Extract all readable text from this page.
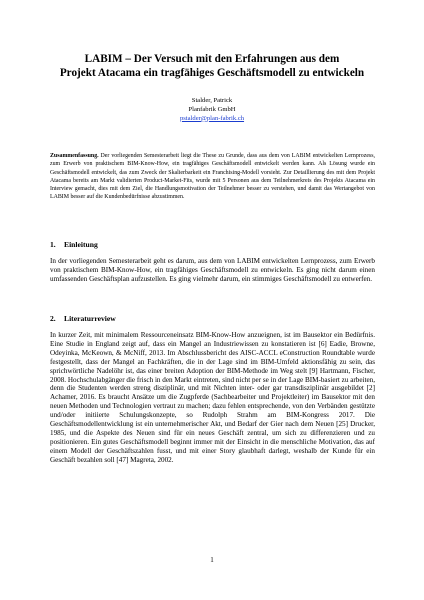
LABIM – Der Versuch mit den Erfahrungen aus dem
Projekt Atacama ein tragfähiges Geschäftsmodell zu entwickeln
Stalder, Patrick
Planfabrik GmbH
pstalder@plan-fabrik.ch
Zusammenfassung. Der vorliegenden Semesterarbeit liegt die These zu Grunde, dass aus dem von LABIM entwickelten Lernprozess, zum Erwerb von praktischem BIM-Know-How, ein tragfähiges Geschäftsmodell entwickelt werden kann. Als Lösung wurde ein Geschäftsmodell entwickelt, das zum Zweck der Skalierbarkeit ein Franchising-Modell vorsieht. Zur Detaillierung des mit dem Projekt Atacama bereits am Markt validierten Product-Market-Fits, wurde mit 5 Personen aus dem Teilnehmerkreis des Projekts Atacama ein Interview gemacht, dies mit dem Ziel, die Handlungsmotivation der Teilnehmer besser zu verstehen, und damit das Wertangebot von LABIM besser auf die Kundenbedürfnisse abzustimmen.
1. Einleitung
In der vorliegenden Semesterarbeit geht es darum, aus dem von LABIM entwickelten Lernprozess, zum Erwerb von praktischem BIM-Know-How, ein tragfähiges Geschäftsmodell zu entwickeln. Es ging nicht darum einen umfassenden Geschäftsplan aufzustellen. Es ging vielmehr darum, ein stimmiges Geschäftsmodell zu entwerfen.
2. Literaturreview
In kurzer Zeit, mit minimalem Ressourceneinsatz BIM-Know-How anzueignen, ist im Bausektor ein Bedürfnis. Eine Studie in England zeigt auf, dass ein Mangel an Industriewissen zu konstatieren ist [6] Eadie, Browne, Odeyinka, McKeown, & McNiff, 2013. Im Abschlussbericht des AISC-ACCL eConstruction Roundtable wurde festgestellt, dass der Mangel an Fachkräften, die in der Lage sind im BIM-Umfeld aktionsfähig zu sein, das sprichwörtliche Nadelöhr ist, das einer breiten Adoption der BIM-Methode im Weg stelt [9] Hartmann, Fischer, 2008. Hochschulabgänger die frisch in den Markt eintreten, sind nicht per se in der Lage BIM-basiert zu arbeiten, denn die Studenten werden streng disziplinär, und mit Nichten inter- oder gar transdisziplinär ausgebildet [2] Achamer, 2016. Es braucht Ansätze um die Zugpferde (Sachbearbeiter und Projektleiter) im Bausektor mit den neuen Methoden und Technologien vertraut zu machen; dazu fehlen entsprechende, von den Verbänden gestützte und/oder initiierte Schulungskonzepte, so Rudolph Strahm am BIM-Kongress 2017. Die Geschäftsmodellentwicklung ist ein unternehmerischer Akt, und Bedarf der Gier nach dem Neuen [25] Drucker, 1985, und die Aspekte des Neuen sind für ein neues Geschäft zentral, um sich zu differenzieren und zu positionieren. Ein gutes Geschäftsmodell beginnt immer mit der Einsicht in die menschliche Motivation, das auf einem Modell der Geschäftszahlen fusst, und mit einer Story glaubhaft darlegt, weshalb der Kunde für ein Geschäft bezahlen soll [47] Magreta, 2002.
1
